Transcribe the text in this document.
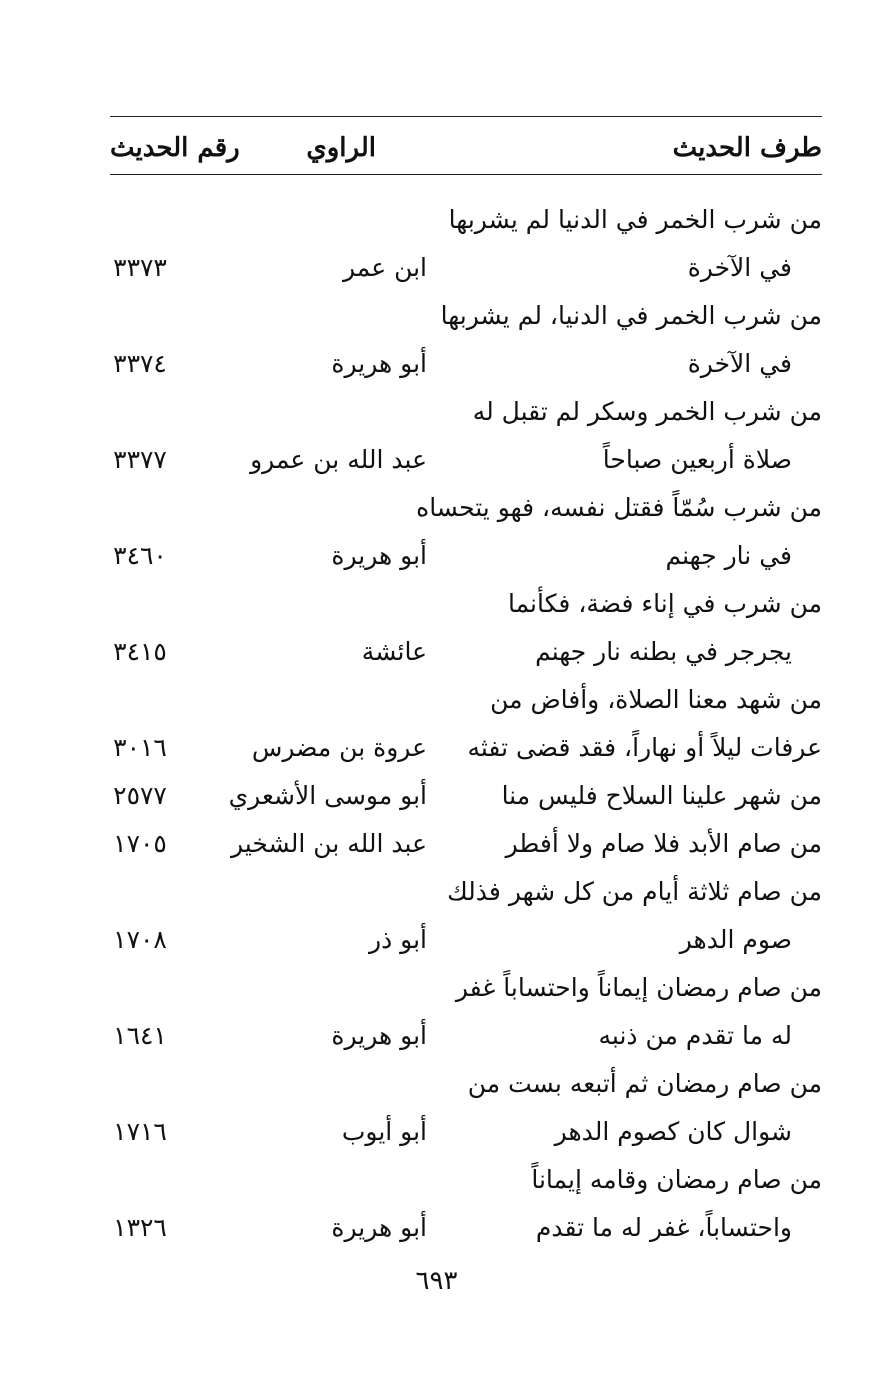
طرف الحديث
الراوي
رقم الحديث
من شرب الخمر في الدنيا لم يشربها
في الآخرة
ابن عمر
٣٣٧٣
من شرب الخمر في الدنيا، لم يشربها
في الآخرة
أبو هريرة
٣٣٧٤
من شرب الخمر وسكر لم تقبل له
صلاة أربعين صباحاً
عبد الله بن عمرو
٣٣٧٧
من شرب سُمّاً فقتل نفسه، فهو يتحساه
في نار جهنم
أبو هريرة
٣٤٦٠
من شرب في إناء فضة، فكأنما
يجرجر في بطنه نار جهنم
عائشة
٣٤١٥
من شهد معنا الصلاة، وأفاض من
عرفات ليلاً أو نهاراً، فقد قضى تفثه
عروة بن مضرس
٣٠١٦
من شهر علينا السلاح فليس منا
أبو موسى الأشعري
٢٥٧٧
من صام الأبد فلا صام ولا أفطر
عبد الله بن الشخير
١٧٠٥
من صام ثلاثة أيام من كل شهر فذلك
صوم الدهر
أبو ذر
١٧٠٨
من صام رمضان إيماناً واحتساباً غفر
له ما تقدم من ذنبه
أبو هريرة
١٦٤١
من صام رمضان ثم أتبعه بست من
شوال كان كصوم الدهر
أبو أيوب
١٧١٦
من صام رمضان وقامه إيماناً
واحتساباً، غفر له ما تقدم
أبو هريرة
١٣٢٦
٦٩٣
